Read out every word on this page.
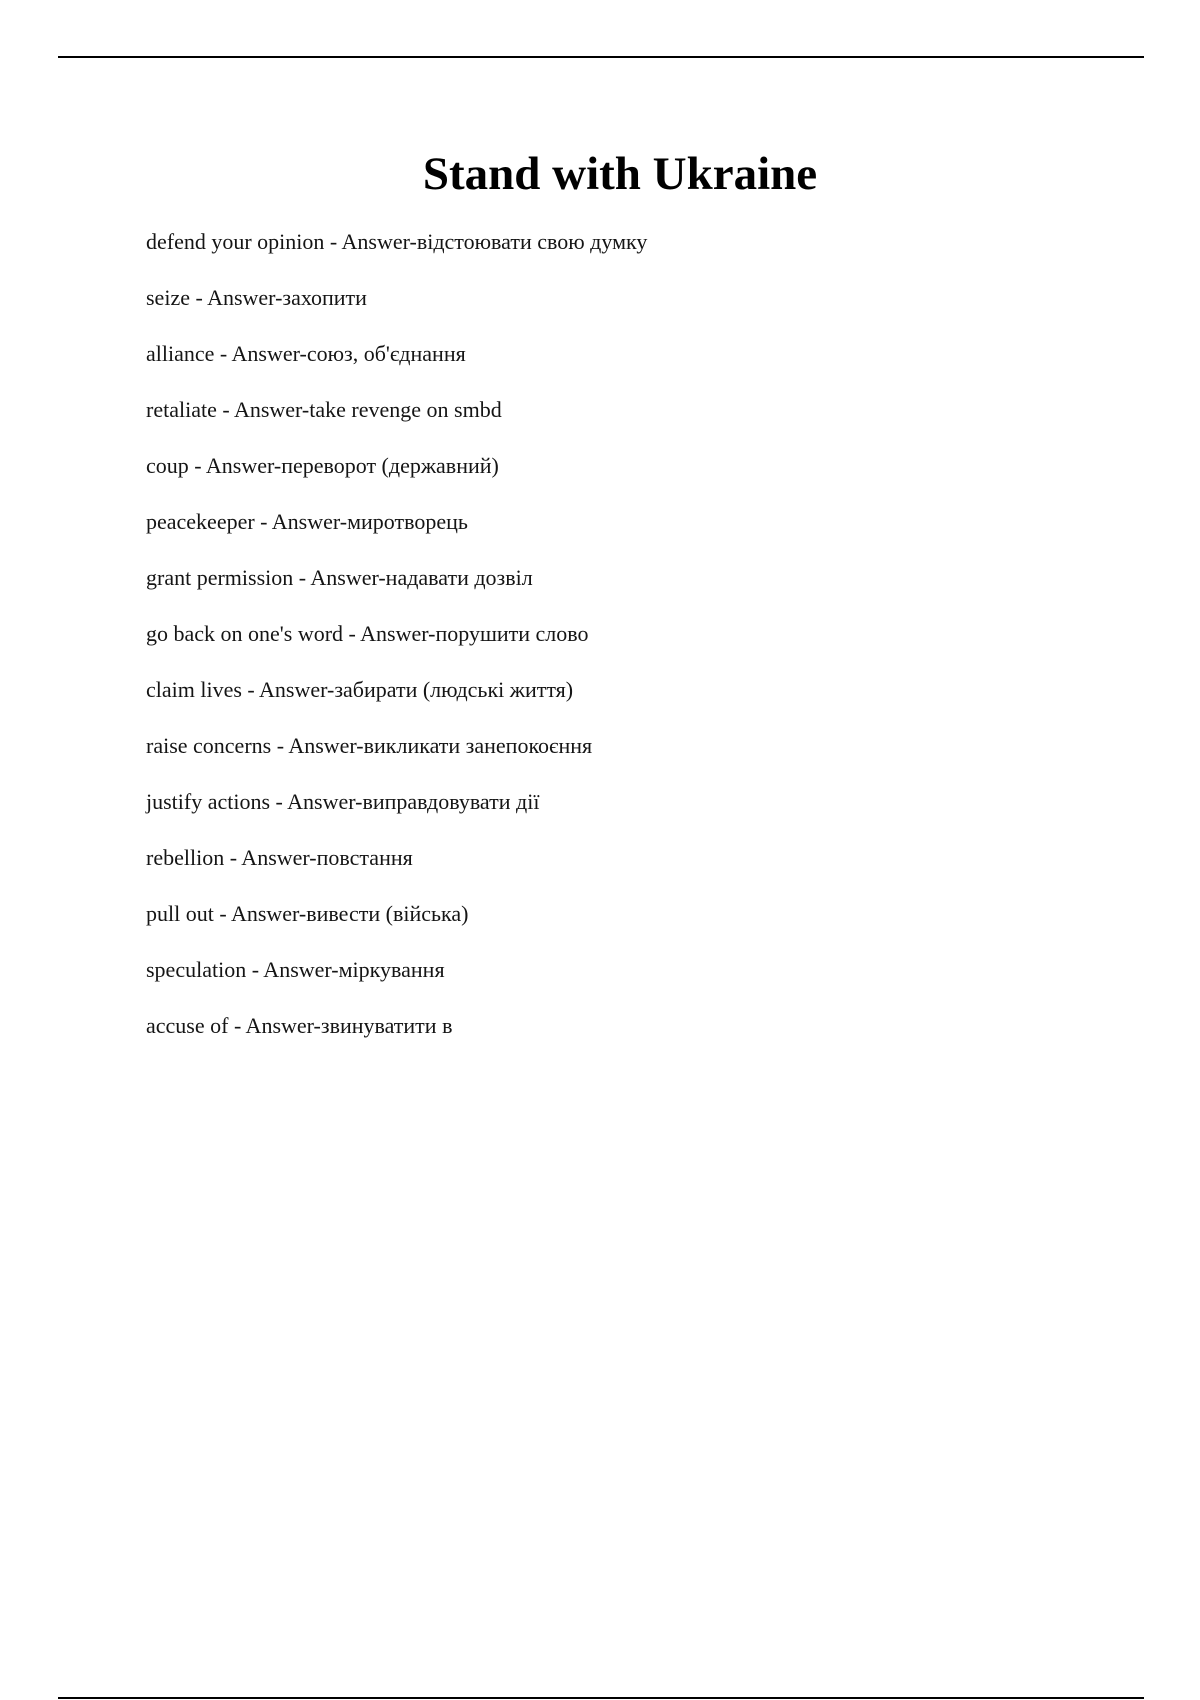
Stand with Ukraine
defend your opinion - Answer-відстоювати свою думку
seize - Answer-захопити
alliance - Answer-союз, об'єднання
retaliate - Answer-take revenge on smbd
coup - Answer-переворот (державний)
peacekeeper - Answer-миротворець
grant permission - Answer-надавати дозвіл
go back on one's word - Answer-порушити слово
claim lives - Answer-забирати (людські життя)
raise concerns - Answer-викликати занепокоєння
justify actions - Answer-виправдовувати дії
rebellion - Answer-повстання
pull out - Answer-вивести (війська)
speculation - Answer-міркування
accuse of - Answer-звинуватити в
